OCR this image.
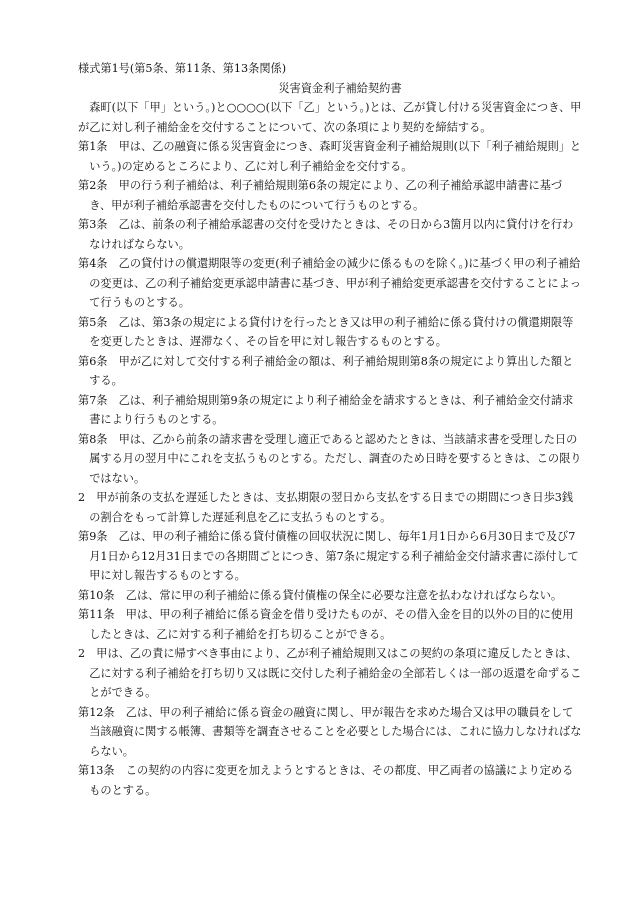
様式第1号(第5条、第11条、第13条関係)

災害資金利子補給契約書

森町(以下「甲」という。)と○○○○(以下「乙」という。)とは、乙が貸し付ける災害資金につき、甲が乙に対し利子補給金を交付することについて、次の条項により契約を締結する。

第1条　甲は、乙の融資に係る災害資金につき、森町災害資金利子補給規則(以下「利子補給規則」という。)の定めるところにより、乙に対し利子補給金を交付する。

第2条　甲の行う利子補給は、利子補給規則第6条の規定により、乙の利子補給承認申請書に基づき、甲が利子補給承認書を交付したものについて行うものとする。

第3条　乙は、前条の利子補給承認書の交付を受けたときは、その日から3箇月以内に貸付けを行わなければならない。

第4条　乙の貸付けの償還期限等の変更(利子補給金の減少に係るものを除く。)に基づく甲の利子補給の変更は、乙の利子補給変更承認申請書に基づき、甲が利子補給変更承認書を交付することによって行うものとする。

第5条　乙は、第3条の規定による貸付けを行ったとき又は甲の利子補給に係る貸付けの償還期限等を変更したときは、遅滞なく、その旨を甲に対し報告するものとする。

第6条　甲が乙に対して交付する利子補給金の額は、利子補給規則第8条の規定により算出した額とする。

第7条　乙は、利子補給規則第9条の規定により利子補給金を請求するときは、利子補給金交付請求書により行うものとする。

第8条　甲は、乙から前条の請求書を受理し適正であると認めたときは、当該請求書を受理した日の属する月の翌月中にこれを支払うものとする。ただし、調査のため日時を要するときは、この限りではない。

2　甲が前条の支払を遅延したときは、支払期限の翌日から支払をする日までの期間につき日歩3銭の割合をもって計算した遅延利息を乙に支払うものとする。

第9条　乙は、甲の利子補給に係る貸付債権の回収状況に関し、毎年1月1日から6月30日まで及び7月1日から12月31日までの各期間ごとにつき、第7条に規定する利子補給金交付請求書に添付して甲に対し報告するものとする。

第10条　乙は、常に甲の利子補給に係る貸付債権の保全に必要な注意を払わなければならない。

第11条　甲は、甲の利子補給に係る資金を借り受けたものが、その借入金を目的以外の目的に使用したときは、乙に対する利子補給を打ち切ることができる。

2　甲は、乙の責に帰すべき事由により、乙が利子補給規則又はこの契約の条項に違反したときは、乙に対する利子補給を打ち切り又は既に交付した利子補給金の全部若しくは一部の返還を命ずることができる。

第12条　乙は、甲の利子補給に係る資金の融資に関し、甲が報告を求めた場合又は甲の職員をして当該融資に関する帳簿、書類等を調査させることを必要とした場合には、これに協力しなければならない。

第13条　この契約の内容に変更を加えようとするときは、その都度、甲乙両者の協議により定めるものとする。
